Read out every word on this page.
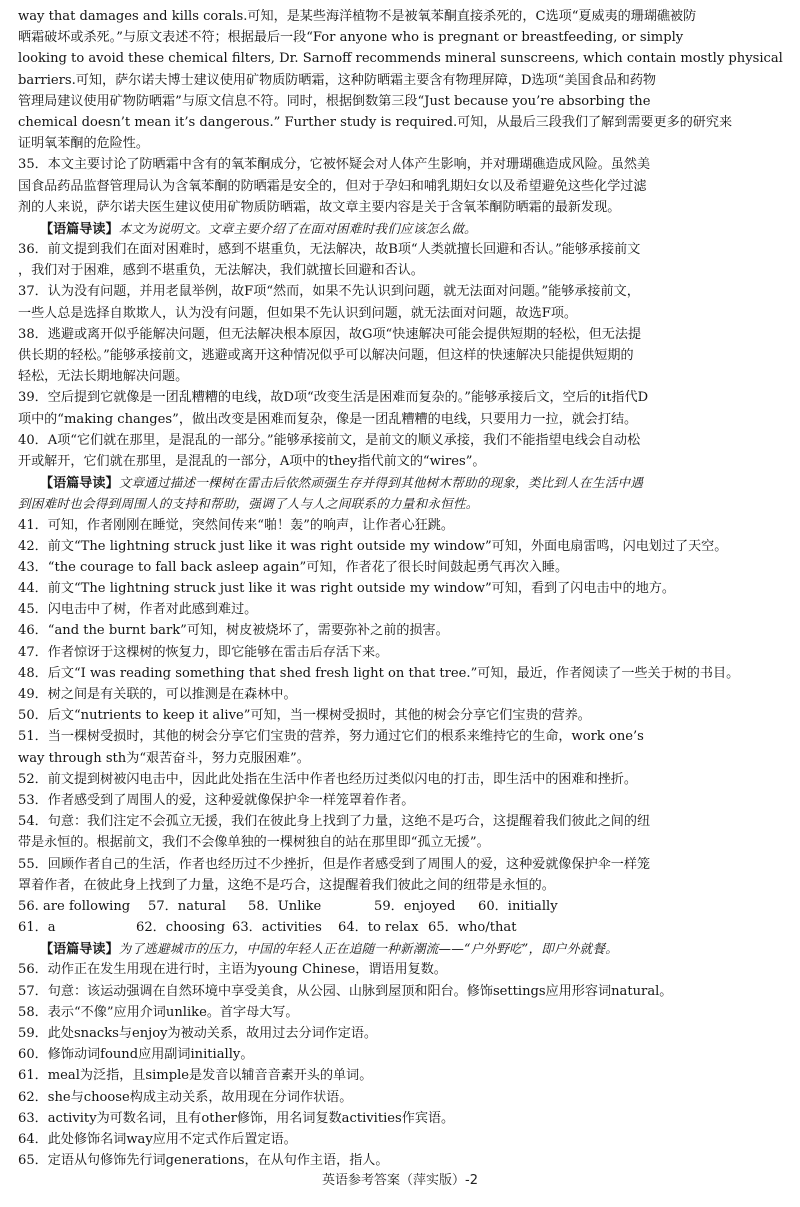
way that damages and kills corals.可知，是某些海洋植物不是被氧苯酮直接杀死的，C选项“夏威夷的珊瑚礁被防
晒霜破坏或杀死。”与原文表述不符；根据最后一段“For anyone who is pregnant or breastfeeding, or simply
looking to avoid these chemical filters, Dr. Sarnoff recommends mineral sunscreens, which contain mostly physical
barriers.可知，萨尔诺夫博士建议使用矿物质防晒霜，这种防晒霜主要含有物理屏障，D选项“美国食品和药物
管理局建议使用矿物防晒霜”与原文信息不符。同时，根据倒数第三段“Just because you’re absorbing the
chemical doesn’t mean it’s dangerous.” Further study is required.可知，从最后三段我们了解到需要更多的研究来
证明氧苯酮的危险性。
35．本文主要讨论了防晒霜中含有的氧苯酮成分，它被怀疑会对人体产生影响，并对珊瑚礁造成风险。虽然美
国食品药品监督管理局认为含氧苯酮的防晒霜是安全的，但对于孕妇和哺乳期妇女以及希望避免这些化学过滤
剂的人来说，萨尔诺夫医生建议使用矿物质防晒霜，故文章主要内容是关于含氧苯酮防晒霜的最新发现。
【语篇导读】本文为说明文。文章主要介绍了在面对困难时我们应该怎么做。
36．前文提到我们在面对困难时，感到不堪重负，无法解决，故B项“人类就擅长回避和否认。”能够承接前文
，我们对于困难，感到不堪重负，无法解决，我们就擅长回避和否认。
37．认为没有问题，并用老鼠举例，故F项“然而，如果不先认识到问题，就无法面对问题。”能够承接前文，
一些人总是选择自欺欺人，认为没有问题，但如果不先认识到问题，就无法面对问题，故选F项。
38．逃避或离开似乎能解决问题，但无法解决根本原因，故G项“快速解决可能会提供短期的轻松，但无法提
供长期的轻松。”能够承接前文，逃避或离开这种情况似乎可以解决问题，但这样的快速解决只能提供短期的
轻松，无法长期地解决问题。
39．空后提到它就像是一团乱糟糟的电线，故D项“改变生活是困难而复杂的。”能够承接后文，空后的it指代D
项中的“making changes”，做出改变是困难而复杂，像是一团乱糟糟的电线，只要用力一拉，就会打结。
40．A项“它们就在那里，是混乱的一部分。”能够承接前文，是前文的顺义承接，我们不能指望电线会自动松
开或解开，它们就在那里，是混乱的一部分，A项中的they指代前文的“wires”。
【语篇导读】文章通过描述一棵树在雷击后依然顽强生存并得到其他树木帮助的现象，类比到人在生活中遇
到困难时也会得到周围人的支持和帮助，强调了人与人之间联系的力量和永恒性。
41．可知，作者刚刚在睡觉，突然间传来“啪！轰”的响声，让作者心狂跳。
42．前文“The lightning struck just like it was right outside my window”可知，外面电扇雷鸣，闪电划过了天空。
43．“the courage to fall back asleep again”可知，作者花了很长时间鼓起勇气再次入睡。
44．前文“The lightning struck just like it was right outside my window”可知，看到了闪电击中的地方。
45．闪电击中了树，作者对此感到难过。
46．“and the burnt bark”可知，树皮被烧坏了，需要弥补之前的损害。
47．作者惊讶于这棵树的恢复力，即它能够在雷击后存活下来。
48．后文“I was reading something that shed fresh light on that tree.”可知，最近，作者阅读了一些关于树的书目。
49．树之间是有关联的，可以推测是在森林中。
50．后文“nutrients to keep it alive”可知，当一棵树受损时，其他的树会分享它们宝贵的营养。
51．当一棵树受损时，其他的树会分享它们宝贵的营养，努力通过它们的根系来维持它的生命，work one’s
way through sth为“艰苦奋斗，努力克服困难”。
52．前文提到树被闪电击中，因此此处指在生活中作者也经历过类似闪电的打击，即生活中的困难和挫折。
53．作者感受到了周围人的爱，这种爱就像保护伞一样笼罩着作者。
54．句意：我们注定不会孤立无援，我们在彼此身上找到了力量，这绝不是巧合，这提醒着我们彼此之间的纽
带是永恒的。根据前文，我们不会像单独的一棵树独自的站在那里即“孤立无援”。
55．回顾作者自己的生活，作者也经历过不少挫折，但是作者感受到了周围人的爱，这种爱就像保护伞一样笼
罩着作者，在彼此身上找到了力量，这绝不是巧合，这提醒着我们彼此之间的纽带是永恒的。
56. are following 57．natural 58．Unlike	59．enjoyed 60．initially
61．a	62．choosing 63．activities 64．to relax 65．who/that
【语篇导读】为了逃避城市的压力，中国的年轻人正在追随一种新潮流——“户外野吃”，即户外就餐。
56．动作正在发生用现在进行时，主语为young Chinese，谓语用复数。
57．句意：该运动强调在自然环境中享受美食，从公园、山脉到屋顶和阳台。修饰settings应用形容词natural。
58．表示“不像”应用介词unlike。首字母大写。
59．此处snacks与enjoy为被动关系，故用过去分词作定语。
60．修饰动词found应用副词initially。
61．meal为泛指，且simple是发音以辅音音素开头的单词。
62．she与choose构成主动关系，故用现在分词作状语。
63．activity为可数名词，且有other修饰，用名词复数activities作宾语。
64．此处修饰名词way应用不定式作后置定语。
65．定语从句修饰先行词generations，在从句作主语，指人。
英语参考答案（萍实版）-2
